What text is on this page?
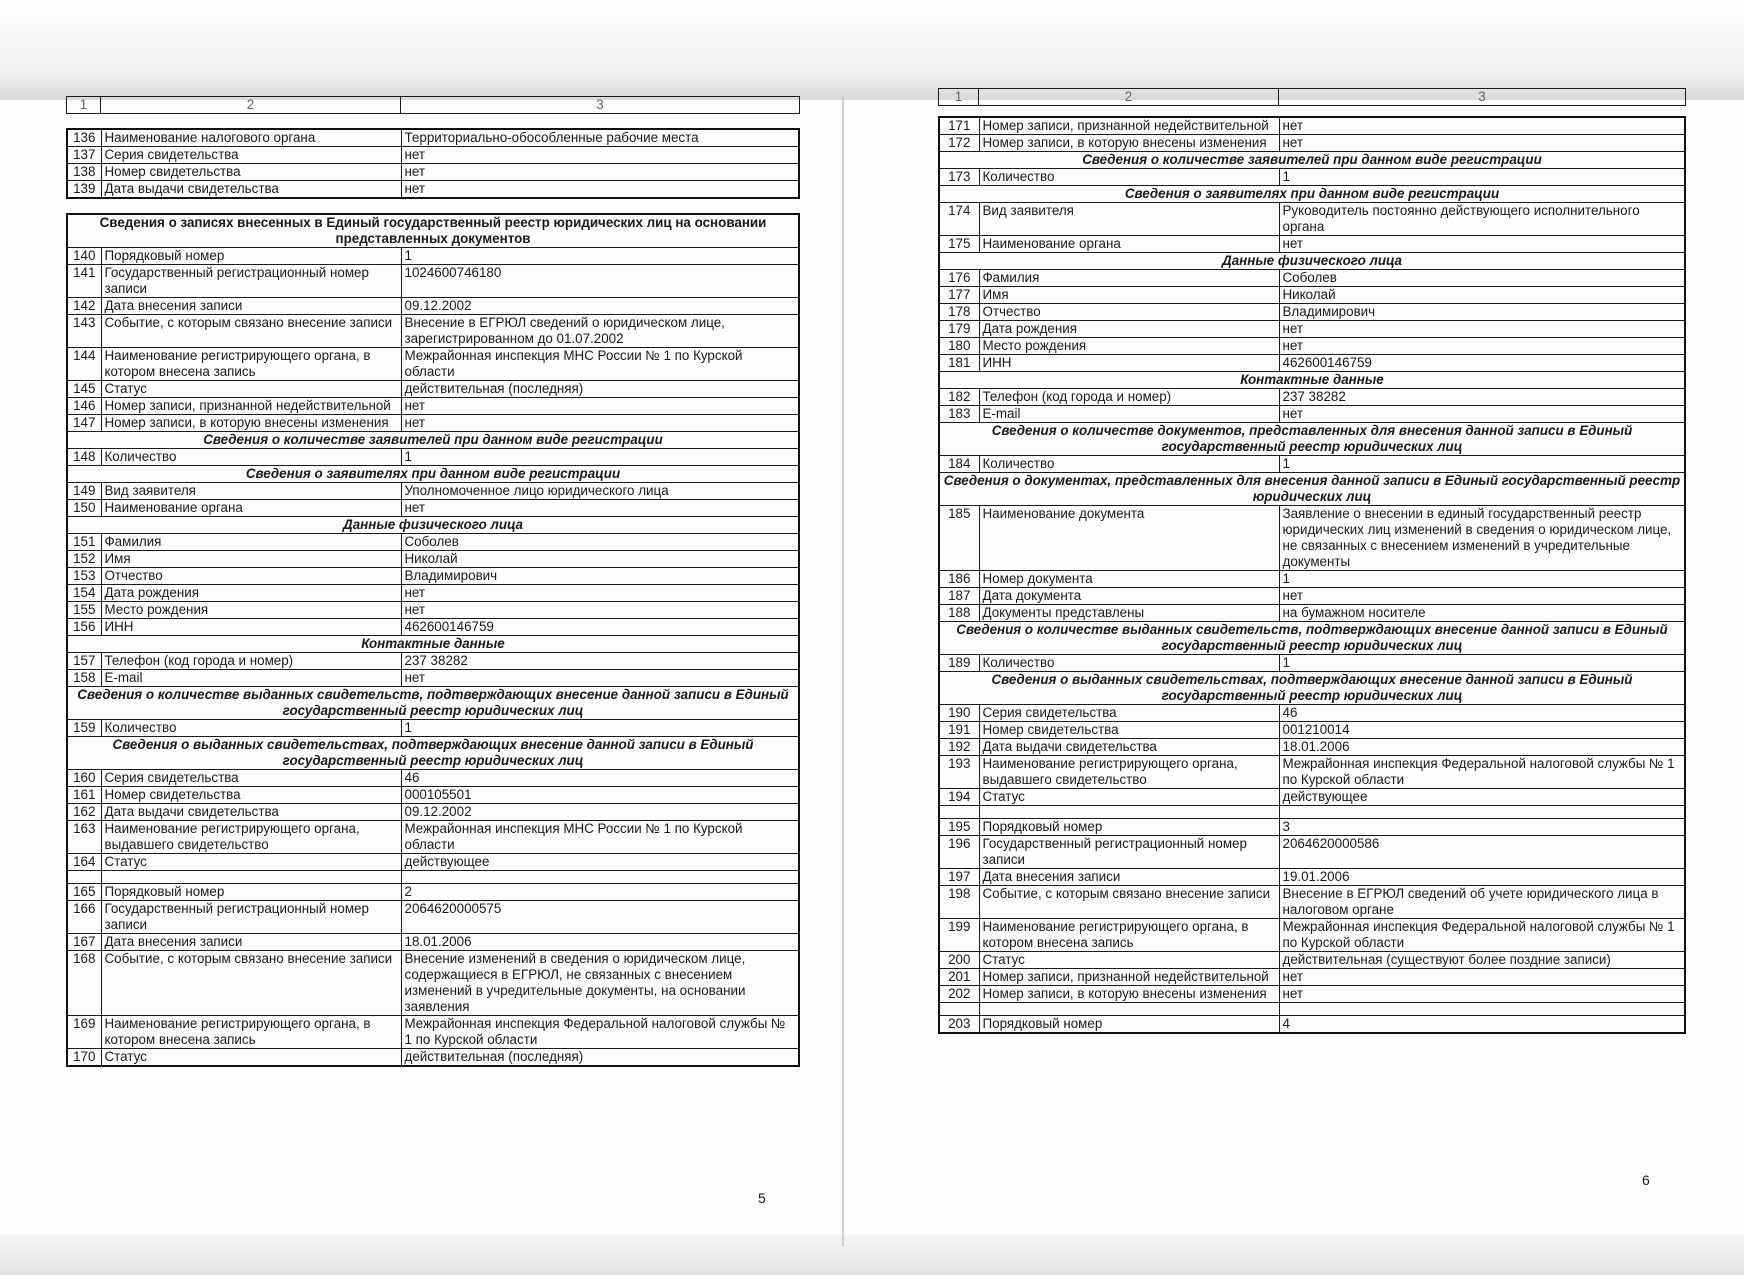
1	2	3
136	Наименование налогового органа	Территориально-обособленные рабочие места
137	Серия свидетельства	нет
138	Номер свидетельства	нет
139	Дата выдачи свидетельства	нет
Сведения о записях внесенных в Единый государственный реестр юридических лиц на основании представленных документов		
140	Порядковый номер	1
141	Государственный регистрационный номер записи	1024600746180
142	Дата внесения записи	09.12.2002
143	Событие, с которым связано внесение записи	Внесение в ЕГРЮЛ сведений о юридическом лице, зарегистрированном до 01.07.2002
144	Наименование регистрирующего органа, в котором внесена запись	Межрайонная инспекция МНС России № 1 по Курской области
145	Статус	действительная (последняя)
146	Номер записи, признанной недействительной	нет
147	Номер записи, в которую внесены изменения	нет
Сведения о количестве заявителей при данном виде регистрации		
148	Количество	1
Сведения о заявителях при данном виде регистрации		
149	Вид заявителя	Уполномоченное лицо юридического лица
150	Наименование органа	нет
Данные физического лица		
151	Фамилия	Соболев
152	Имя	Николай
153	Отчество	Владимирович
154	Дата рождения	нет
155	Место рождения	нет
156	ИНН	462600146759
Контактные данные		
157	Телефон (код города и номер)	237 38282
158	E-mail	нет
Сведения о количестве выданных свидетельств, подтверждающих внесение данной записи в Единый государственный реестр юридических лиц		
159	Количество	1
Сведения о выданных свидетельствах, подтверждающих внесение данной записи в Единый государственный реестр юридических лиц		
160	Серия свидетельства	46
161	Номер свидетельства	000105501
162	Дата выдачи свидетельства	09.12.2002
163	Наименование регистрирующего органа, выдавшего свидетельство	Межрайонная инспекция МНС России № 1 по Курской области
164	Статус	действующее

165	Порядковый номер	2
166	Государственный регистрационный номер записи	2064620000575
167	Дата внесения записи	18.01.2006
168	Событие, с которым связано внесение записи	Внесение изменений в сведения о юридическом лице, содержащиеся в ЕГРЮЛ, не связанных с внесением изменений в учредительные документы, на основании заявления
169	Наименование регистрирующего органа, в котором внесена запись	Межрайонная инспекция Федеральной налоговой службы № 1 по Курской области
170	Статус	действительная (последняя)
5
1	2	3
171	Номер записи, признанной недействительной	нет
172	Номер записи, в которую внесены изменения	нет
Сведения о количестве заявителей при данном виде регистрации		
173	Количество	1
Сведения о заявителях при данном виде регистрации		
174	Вид заявителя	Руководитель постоянно действующего исполнительного органа
175	Наименование органа	нет
Данные физического лица		
176	Фамилия	Соболев
177	Имя	Николай
178	Отчество	Владимирович
179	Дата рождения	нет
180	Место рождения	нет
181	ИНН	462600146759
Контактные данные		
182	Телефон (код города и номер)	237 38282
183	E-mail	нет
Сведения о количестве документов, представленных для внесения данной записи в Единый государственный реестр юридических лиц		
184	Количество	1
Сведения о документах, представленных для внесения данной записи в Единый государственный реестр юридических лиц		
185	Наименование документа	Заявление о внесении в единый государственный реестр юридических лиц изменений в сведения о юридическом лице, не связанных с внесением изменений в учредительные документы
186	Номер документа	1
187	Дата документа	нет
188	Документы представлены	на бумажном носителе
Сведения о количестве выданных свидетельств, подтверждающих внесение данной записи в Единый государственный реестр юридических лиц		
189	Количество	1
Сведения о выданных свидетельствах, подтверждающих внесение данной записи в Единый государственный реестр юридических лиц		
190	Серия свидетельства	46
191	Номер свидетельства	001210014
192	Дата выдачи свидетельства	18.01.2006
193	Наименование регистрирующего органа, выдавшего свидетельство	Межрайонная инспекция Федеральной налоговой службы № 1 по Курской области
194	Статус	действующее

195	Порядковый номер	3
196	Государственный регистрационный номер записи	2064620000586
197	Дата внесения записи	19.01.2006
198	Событие, с которым связано внесение записи	Внесение в ЕГРЮЛ сведений об учете юридического лица в налоговом органе
199	Наименование регистрирующего органа, в котором внесена запись	Межрайонная инспекция Федеральной налоговой службы № 1 по Курской области
200	Статус	действительная (существуют более поздние записи)
201	Номер записи, признанной недействительной	нет
202	Номер записи, в которую внесены изменения	нет

203	Порядковый номер	4
6
